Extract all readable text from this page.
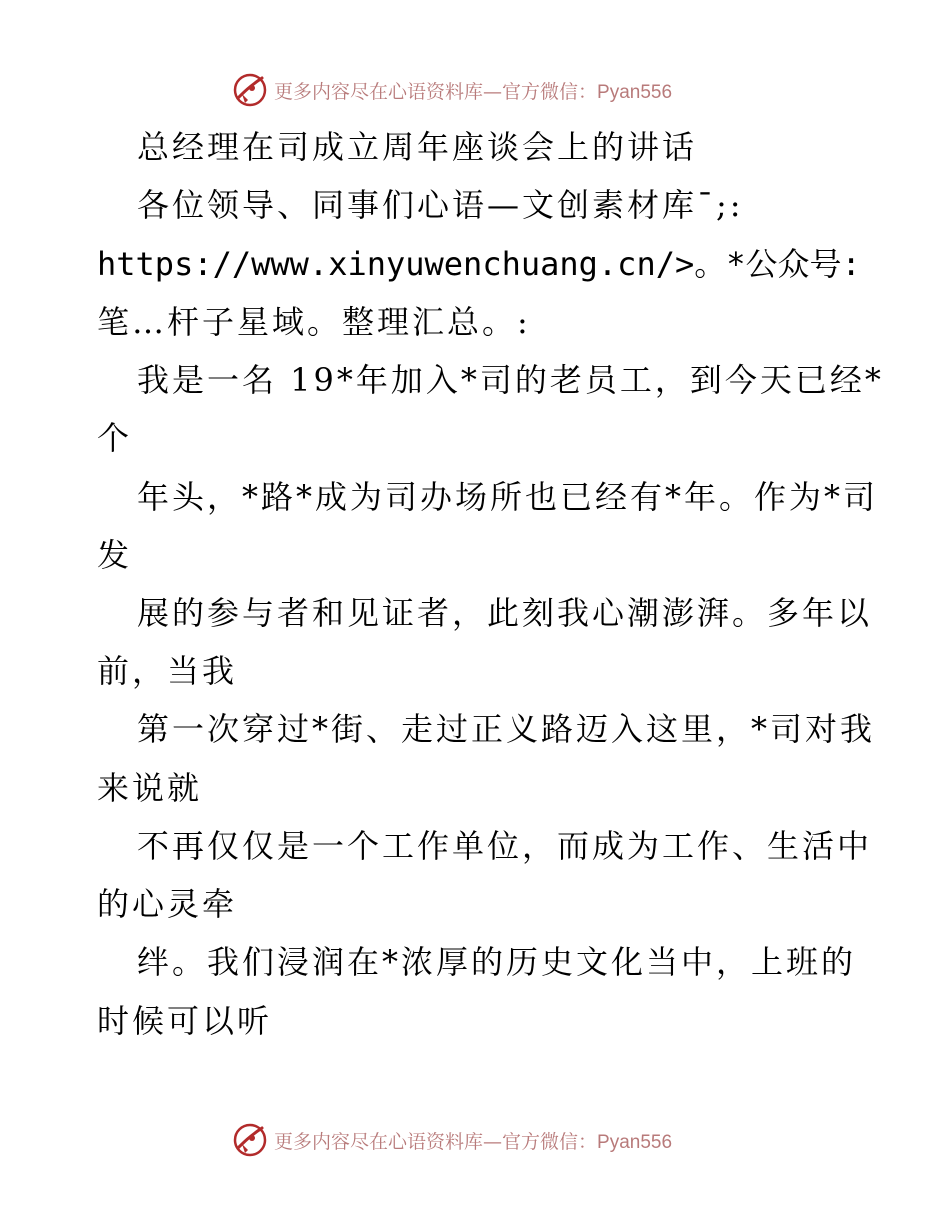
更多内容尽在心语资料库—官方微信：Pyan556
总经理在司成立周年座谈会上的讲话
各位领导、同事们心语—文创素材库¯;:
https://www.xinyuwenchuang.cn/>。*公众号:
笔…杆子星域。整理汇总。:
我是一名 19*年加入*司的老员工，到今天已经*
个
年头，*路*成为司办场所也已经有*年。作为*司
发
展的参与者和见证者，此刻我心潮澎湃。多年以
前，当我
第一次穿过*街、走过正义路迈入这里，*司对我
来说就
不再仅仅是一个工作单位，而成为工作、生活中
的心灵牵
绊。我们浸润在*浓厚的历史文化当中，上班的
时候可以听
更多内容尽在心语资料库—官方微信：Pyan556
